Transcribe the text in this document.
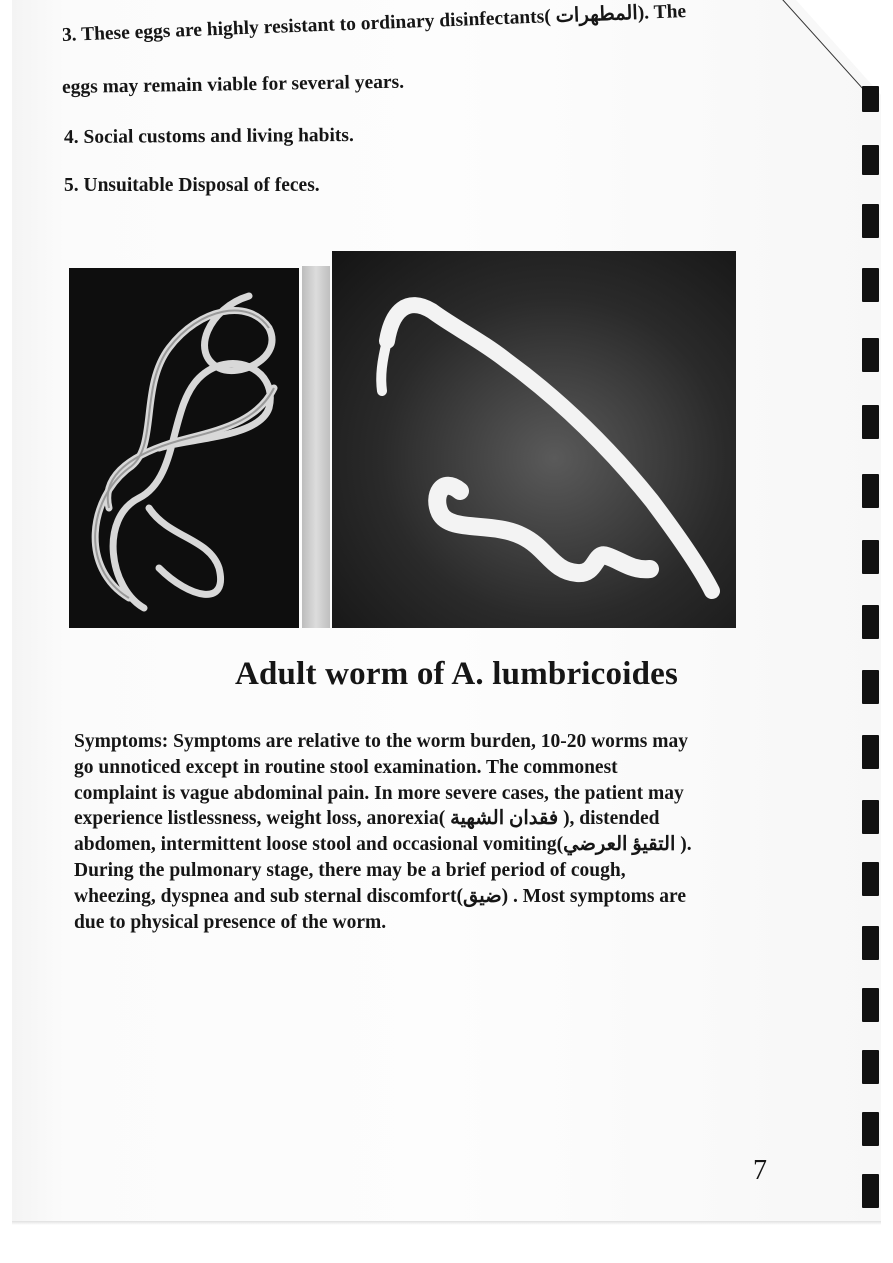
3. These eggs are highly resistant to ordinary disinfectants( المطهرات). The

eggs may remain viable for several years.

4. Social customs and living habits.

5. Unsuitable Disposal of feces.

Adult worm of A. lumbricoides

Symptoms: Symptoms are relative to the worm burden, 10-20 worms may

go unnoticed except in routine stool examination. The commonest

complaint is vague abdominal pain. In more severe cases, the patient may

experience listlessness, weight loss, anorexia( فقدان الشهية ), distended

abdomen, intermittent loose stool and occasional vomiting(التقيؤ العرضي ).

During the pulmonary stage, there may be a brief period of cough,

wheezing, dyspnea and sub sternal discomfort(ضيق) . Most symptoms are

due to physical presence of the worm.

7
